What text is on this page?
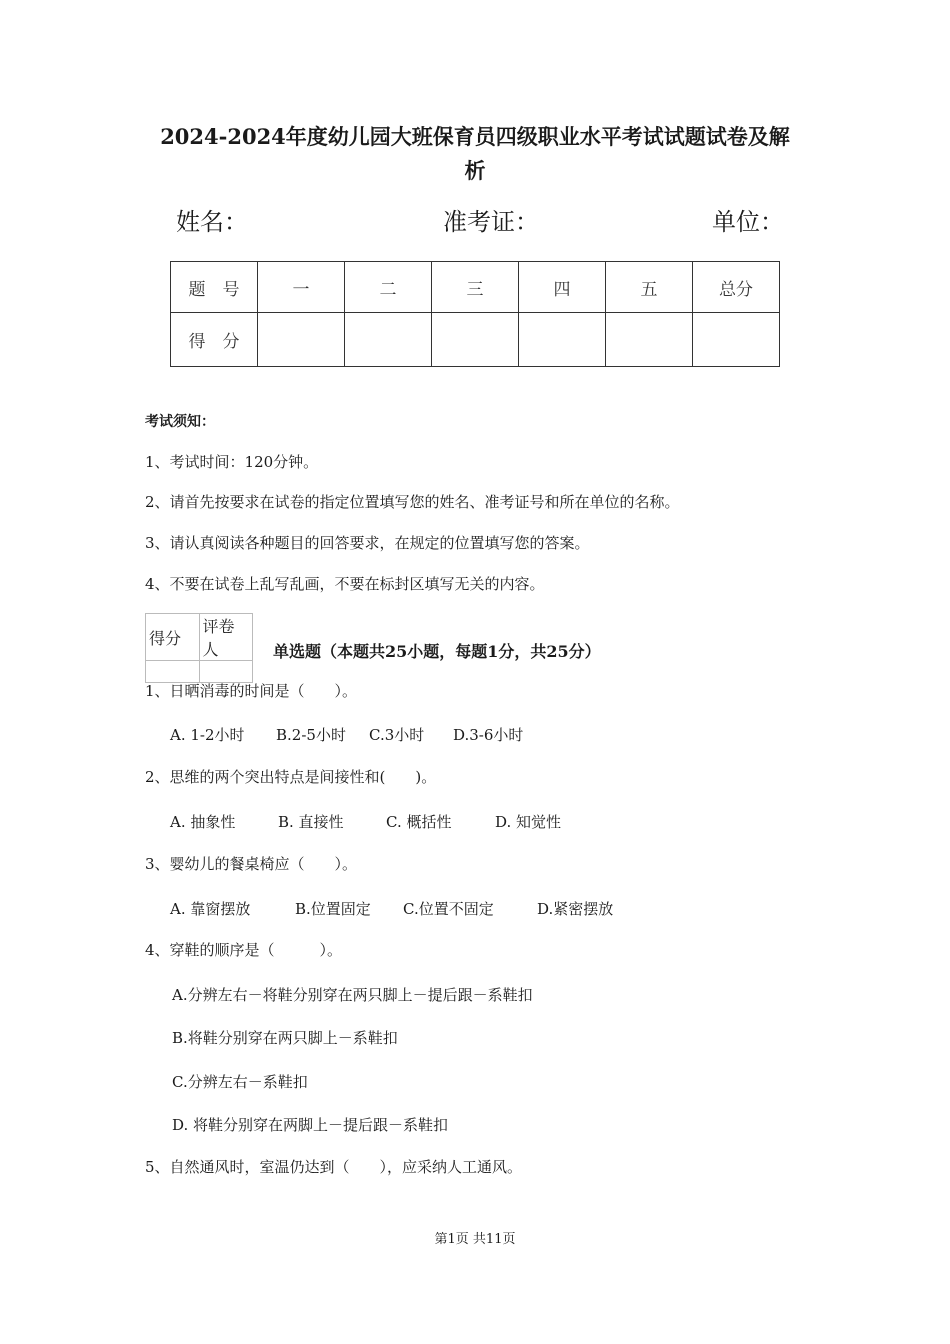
2024-2024年度幼儿园大班保育员四级职业水平考试试题试卷及解
析
姓名：	准考证：	单位：
题　号	一	二	三	四	五	总分
得　分						
考试须知：
1、考试时间：120分钟。
2、请首先按要求在试卷的指定位置填写您的姓名、准考证号和所在单位的名称。
3、请认真阅读各种题目的回答要求，在规定的位置填写您的答案。
4、不要在试卷上乱写乱画，不要在标封区填写无关的内容。
得分	评卷人
		单选题（本题共25小题，每题1分，共25分）
1、日晒消毒的时间是（　　）。
A. 1-2小时 B.2-5小时 C.3小时 D.3-6小时
2、思维的两个突出特点是间接性和(　　)。
A. 抽象性	B. 直接性	C. 概括性	D. 知觉性
3、婴幼儿的餐桌椅应（　　）。
A. 靠窗摆放	B.位置固定 C.位置不固定	D.紧密摆放
4、穿鞋的顺序是（　　　）。
A.分辨左右－将鞋分别穿在两只脚上－提后跟－系鞋扣
B.将鞋分别穿在两只脚上－系鞋扣
C.分辨左右－系鞋扣
D. 将鞋分别穿在两脚上－提后跟－系鞋扣
5、自然通风时，室温仍达到（　　），应采纳人工通风。
第1页 共11页
